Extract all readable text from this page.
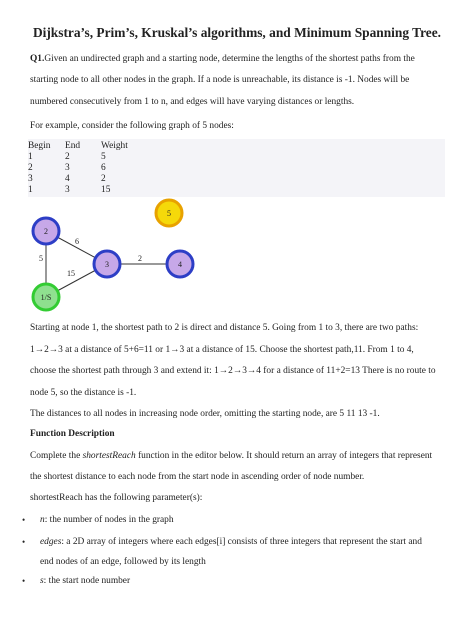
Dijkstra’s, Prim’s, Kruskal’s algorithms, and Minimum Spanning Tree.
Q1.Given an undirected graph and a starting node, determine the lengths of the shortest paths from the
starting node to all other nodes in the graph. If a node is unreachable, its distance is -1. Nodes will be
numbered consecutively from 1 to n, and edges will have varying distances or lengths.
For example, consider the following graph of 5 nodes:
Begin End Weight
1	2	5
2	3	6
3	4	2
1	3	15
6
5
15
2
2
3	4
5
1/S
Starting at node 1, the shortest path to 2 is direct and distance 5. Going from 1 to 3, there are two paths:
1→2→3 at a distance of 5+6=11 or 1→3 at a distance of 15. Choose the shortest path,11. From 1 to 4,
choose the shortest path through 3 and extend it: 1→2→3→4 for a distance of 11+2=13 There is no route to
node 5, so the distance is -1.
The distances to all nodes in increasing node order, omitting the starting node, are 5 11 13 -1.
Function Description
Complete the shortestReach function in the editor below. It should return an array of integers that represent
the shortest distance to each node from the start node in ascending order of node number.
shortestReach has the following parameter(s):
• n: the number of nodes in the graph
• edges: a 2D array of integers where each edges[i] consists of three integers that represent the start and
end nodes of an edge, followed by its length
• s: the start node number
